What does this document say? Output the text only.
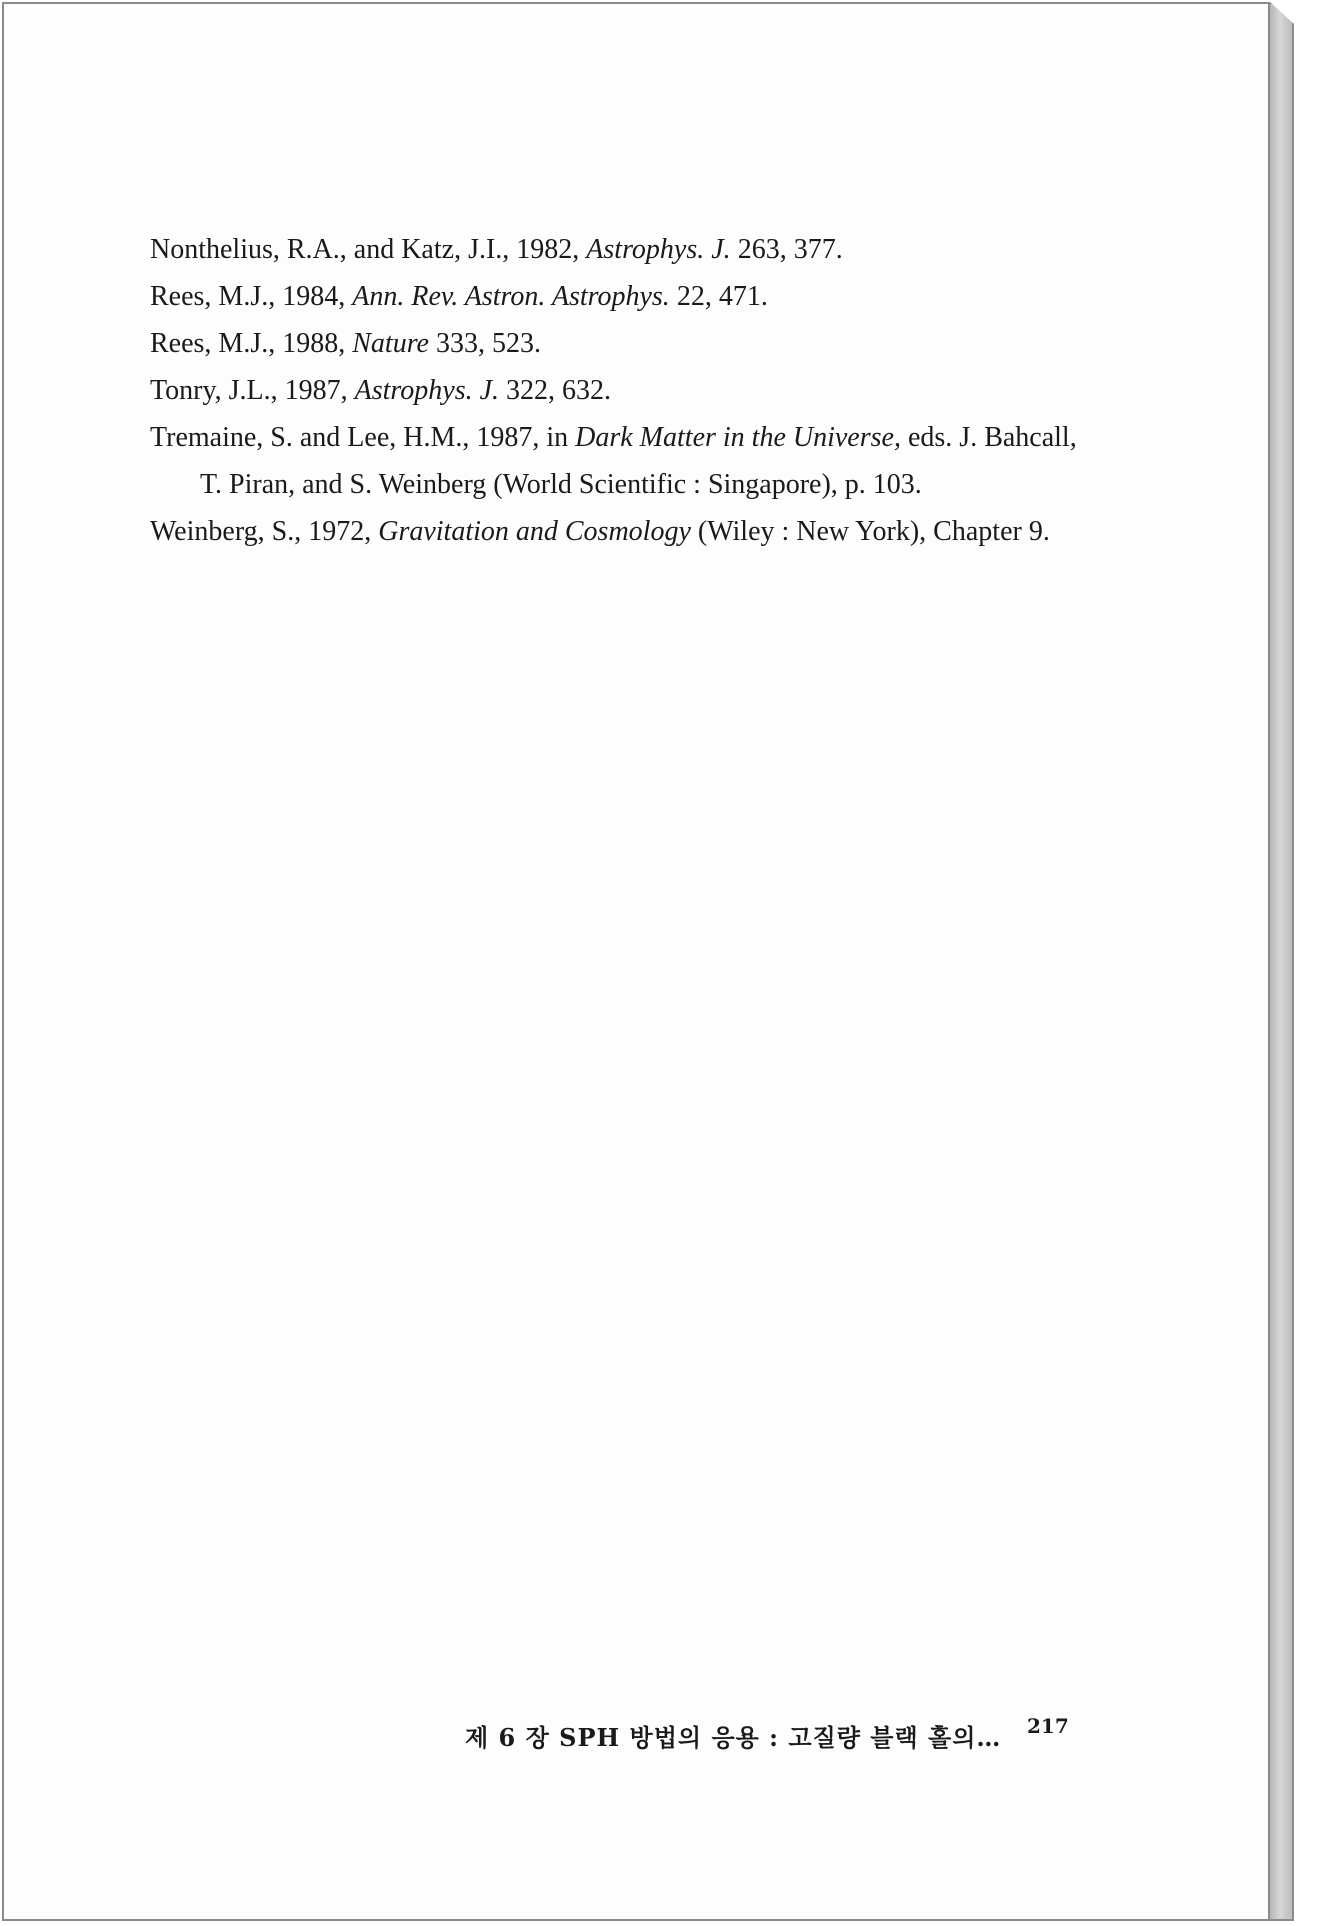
Nonthelius, R.A., and Katz, J.I., 1982, Astrophys. J. 263, 377.

Rees, M.J., 1984, Ann. Rev. Astron. Astrophys. 22, 471.

Rees, M.J., 1988, Nature 333, 523.

Tonry, J.L., 1987, Astrophys. J. 322, 632.

Tremaine, S. and Lee, H.M., 1987, in Dark Matter in the Universe, eds. J. Bahcall, T. Piran, and S. Weinberg (World Scientific : Singapore), p. 103.

Weinberg, S., 1972, Gravitation and Cosmology (Wiley : New York), Chapter 9.

제 6 장 SPH 방법의 응용 : 고질량 블랙 홀의… 217
